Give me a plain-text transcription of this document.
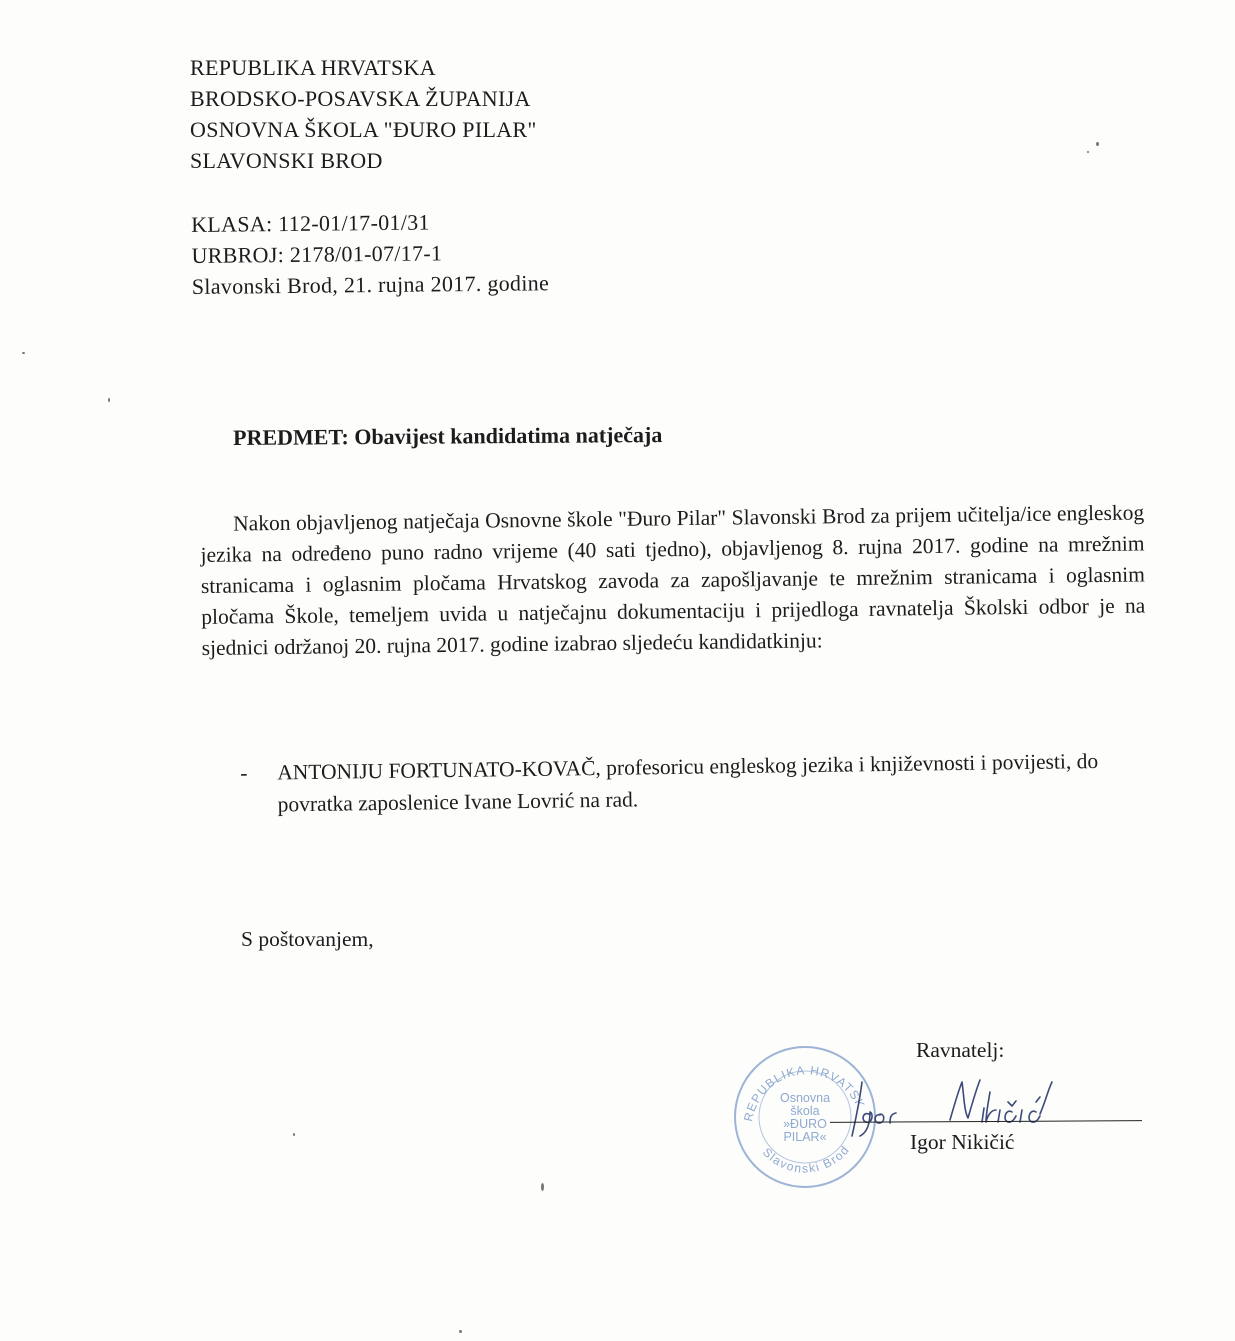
REPUBLIKA HRVATSKA
BRODSKO-POSAVSKA ŽUPANIJA
OSNOVNA ŠKOLA "ĐURO PILAR"
SLAVONSKI BROD
KLASA: 112-01/17-01/31
URBROJ: 2178/01-07/17-1
Slavonski Brod, 21. rujna 2017. godine
PREDMET: Obavijest kandidatima natječaja
Nakon objavljenog natječaja Osnovne škole "Đuro Pilar" Slavonski Brod za prijem učitelja/ice engleskog jezika na određeno puno radno vrijeme (40 sati tjedno), objavljenog 8. rujna 2017. godine na mrežnim stranicama i oglasnim pločama Hrvatskog zavoda za zapošljavanje te mrežnim stranicama i oglasnim pločama Škole, temeljem uvida u natječajnu dokumentaciju i prijedloga ravnatelja Školski odbor je na sjednici održanoj 20. rujna 2017. godine izabrao sljedeću kandidatkinju:
- ANTONIJU FORTUNATO-KOVAČ, profesoricu engleskog jezika i književnosti i povijesti, do povratka zaposlenice Ivane Lovrić na rad.
S poštovanjem,
REPUBLIKA HRVATSK
Slavonski Brod
Osnovna
škola
»ĐURO
PILAR«
Ravnatelj:
Igor Nikičić
